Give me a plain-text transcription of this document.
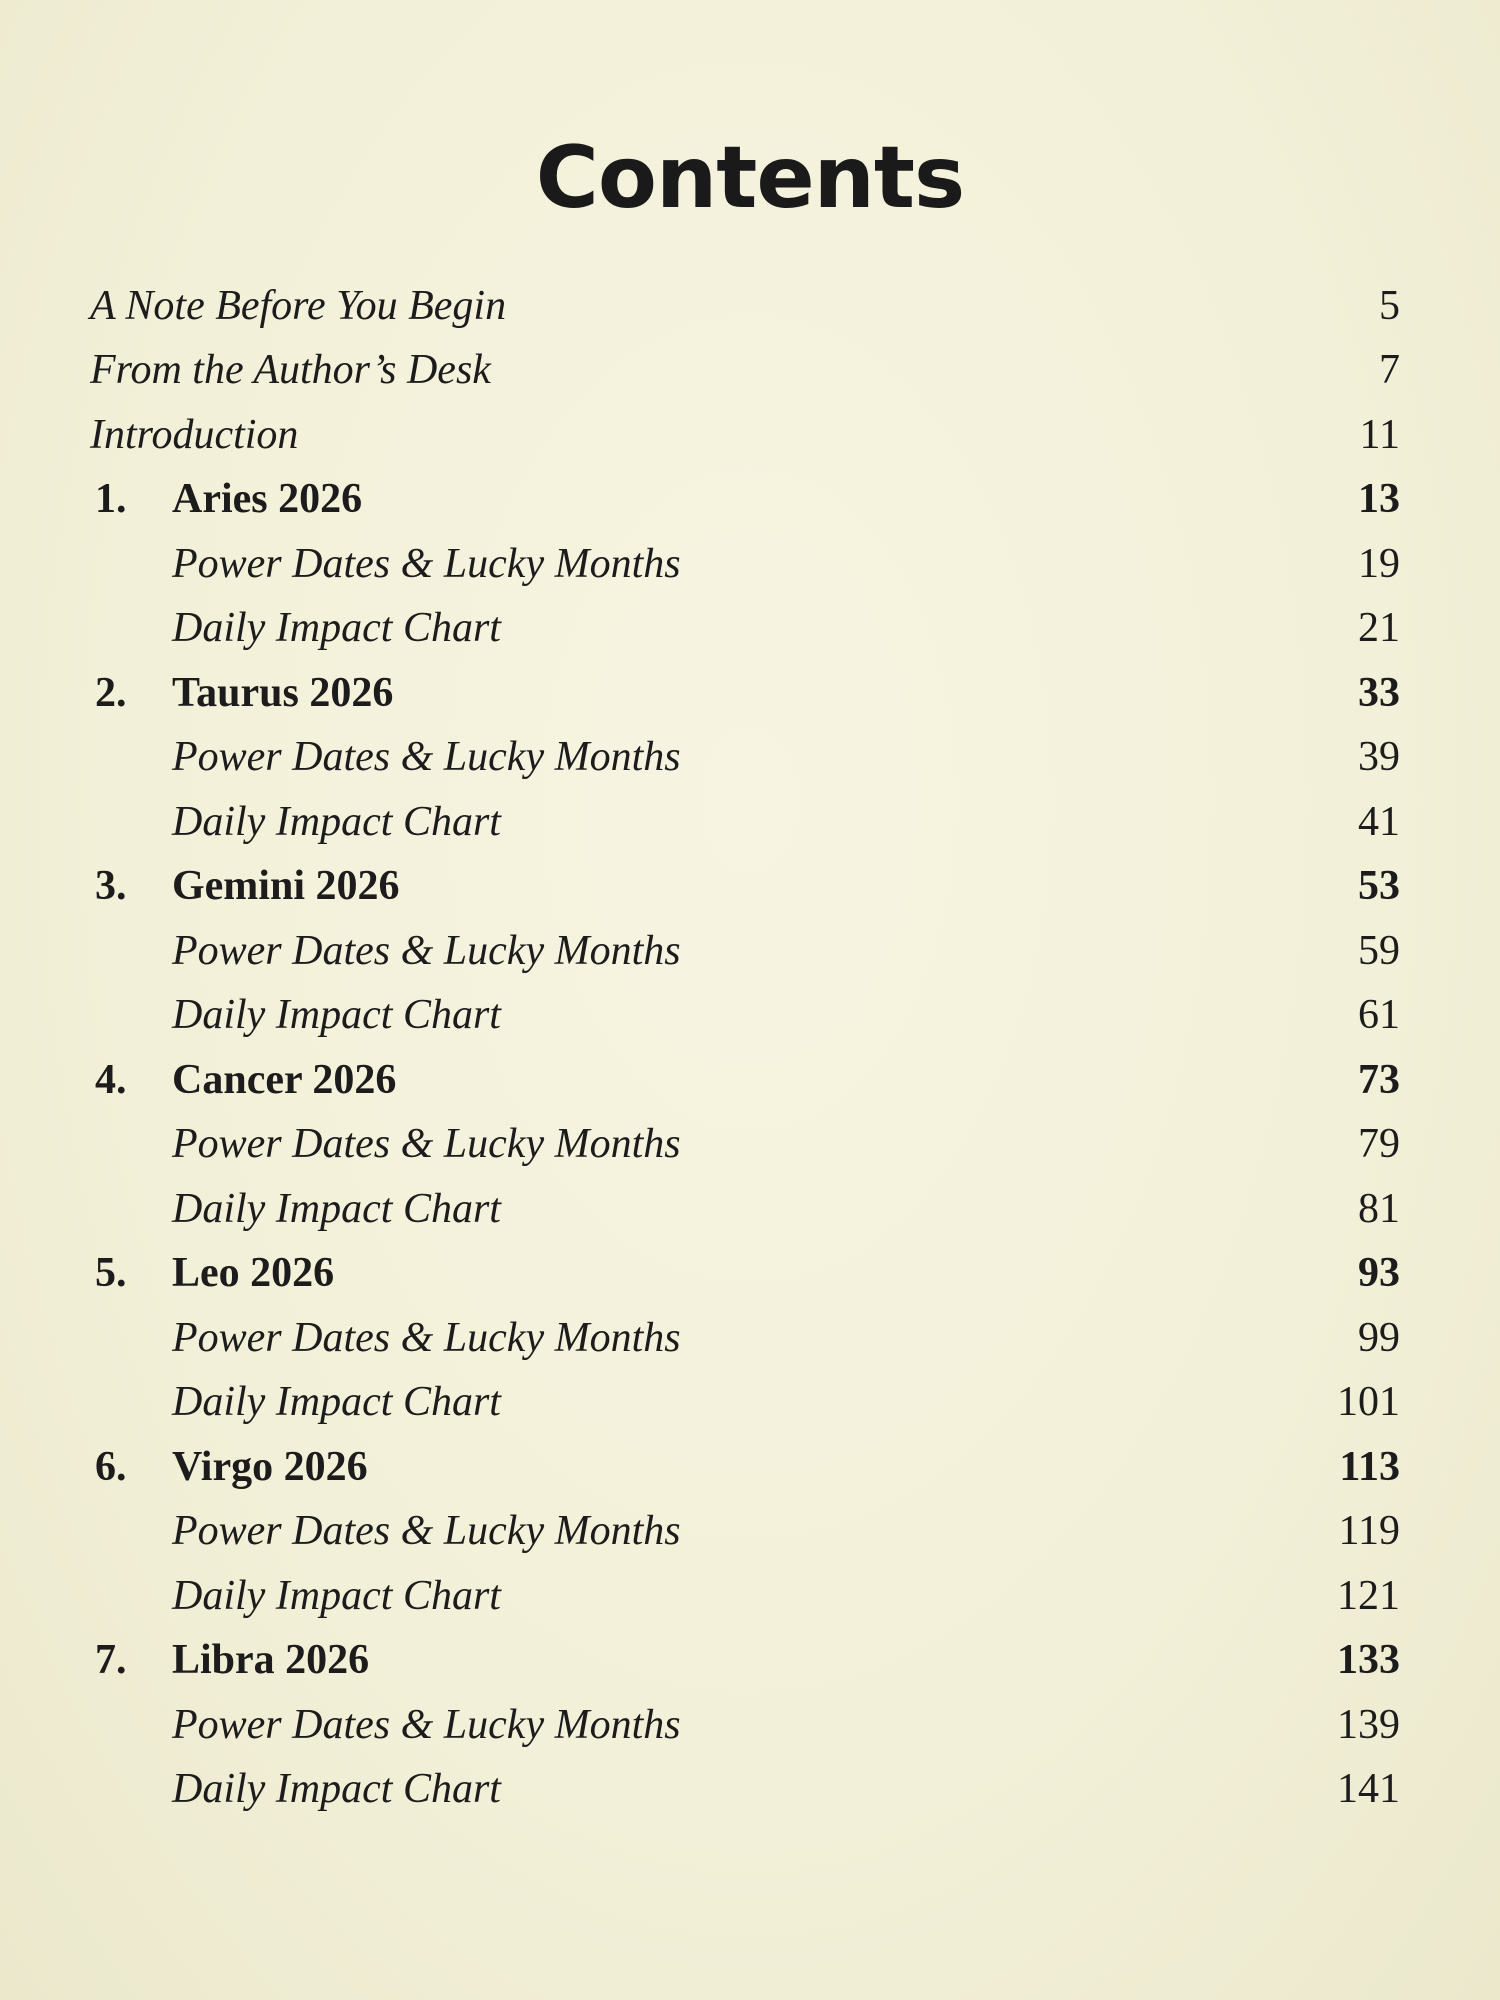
Contents
A Note Before You Begin	5
From the Author’s Desk	7
Introduction	11
1. Aries 2026	13
Power Dates & Lucky Months	19
Daily Impact Chart	21
2. Taurus 2026	33
Power Dates & Lucky Months	39
Daily Impact Chart	41
3. Gemini 2026	53
Power Dates & Lucky Months	59
Daily Impact Chart	61
4. Cancer 2026	73
Power Dates & Lucky Months	79
Daily Impact Chart	81
5. Leo 2026	93
Power Dates & Lucky Months	99
Daily Impact Chart	101
6. Virgo 2026	113
Power Dates & Lucky Months	119
Daily Impact Chart	121
7. Libra 2026	133
Power Dates & Lucky Months	139
Daily Impact Chart	141
